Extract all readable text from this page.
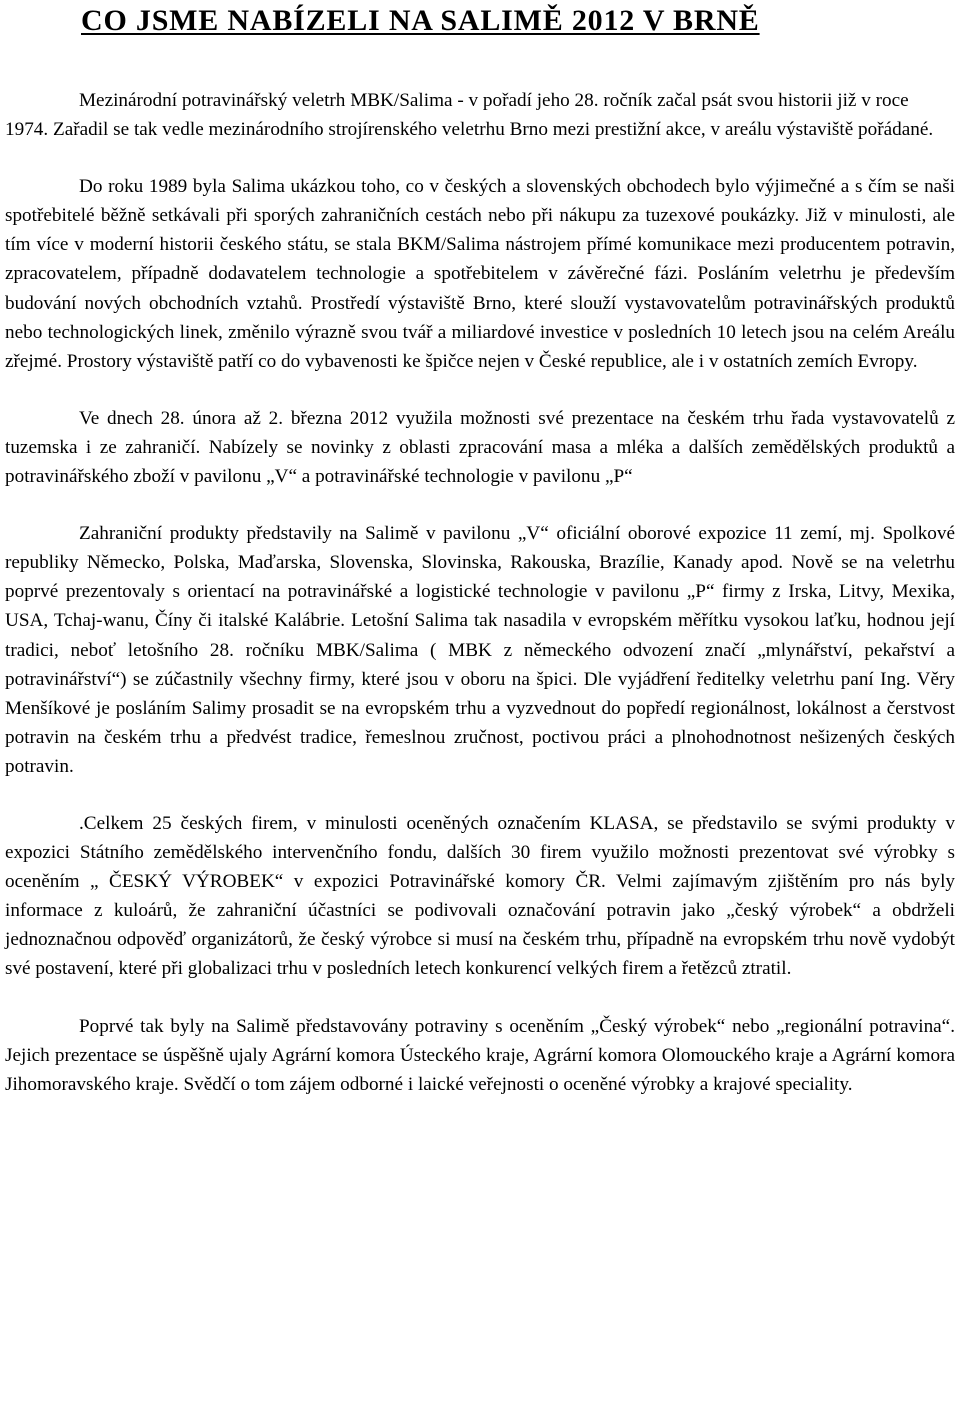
CO JSME NABÍZELI NA SALIMĚ 2012 V BRNĚ

Mezinárodní potravinářský veletrh MBK/Salima - v pořadí jeho 28. ročník začal psát svou historii již v roce 1974. Zařadil se tak vedle mezinárodního strojírenského veletrhu Brno mezi prestižní akce, v areálu výstaviště pořádané.

Do roku 1989 byla Salima ukázkou toho, co v českých a slovenských obchodech bylo výjimečné a s čím se naši spotřebitelé běžně setkávali při sporých zahraničních cestách nebo při nákupu za tuzexové poukázky. Již v minulosti, ale tím více v moderní historii českého státu, se stala BKM/Salima nástrojem přímé komunikace mezi producentem potravin, zpracovatelem, případně dodavatelem technologie a spotřebitelem v závěrečné fázi. Posláním veletrhu je především budování nových obchodních vztahů. Prostředí výstaviště Brno, které slouží vystavovatelům potravinářských produktů nebo technologických linek, změnilo výrazně svou tvář a miliardové investice v posledních 10 letech jsou na celém Areálu zřejmé. Prostory výstaviště patří co do vybavenosti ke špičce nejen v České republice, ale i v ostatních zemích Evropy.

Ve dnech 28. února až 2. března 2012 využila možnosti své prezentace na českém trhu řada vystavovatelů z tuzemska i ze zahraničí. Nabízely se novinky z oblasti zpracování masa a mléka a dalších zemědělských produktů a potravinářského zboží v pavilonu „V“ a potravinářské technologie v pavilonu „P“

Zahraniční produkty představily na Salimě v pavilonu „V“ oficiální oborové expozice 11 zemí, mj. Spolkové republiky Německo, Polska, Maďarska, Slovenska, Slovinska, Rakouska, Brazílie, Kanady apod. Nově se na veletrhu poprvé prezentovaly s orientací na potravinářské a logistické technologie v pavilonu „P“ firmy z Irska, Litvy, Mexika, USA, Tchaj-wanu, Číny či italské Kalábrie. Letošní Salima tak nasadila v evropském měřítku vysokou laťku, hodnou její tradici, neboť letošního 28. ročníku MBK/Salima ( MBK z německého odvození značí „mlynářství, pekařství a potravinářství“) se zúčastnily všechny firmy, které jsou v oboru na špici. Dle vyjádření ředitelky veletrhu paní Ing. Věry Menšíkové je posláním Salimy prosadit se na evropském trhu a vyzvednout do popředí regionálnost, lokálnost a čerstvost potravin na českém trhu a předvést tradice, řemeslnou zručnost, poctivou práci a plnohodnotnost nešizených českých potravin.

.Celkem 25 českých firem, v minulosti oceněných označením KLASA, se představilo se svými produkty v expozici Státního zemědělského intervenčního fondu, dalších 30 firem využilo možnosti prezentovat své výrobky s oceněním „ ČESKÝ VÝROBEK“ v expozici Potravinářské komory ČR. Velmi zajímavým zjištěním pro nás byly informace z kuloárů, že zahraniční účastníci se podivovali označování potravin jako „český výrobek“ a obdrželi jednoznačnou odpověď organizátorů, že český výrobce si musí na českém trhu, případně na evropském trhu nově vydobýt své postavení, které při globalizaci trhu v posledních letech konkurencí velkých firem a řetězců ztratil.

Poprvé tak byly na Salimě představovány potraviny s oceněním „Český výrobek“ nebo „regionální potravina“. Jejich prezentace se úspěšně ujaly Agrární komora Ústeckého kraje, Agrární komora Olomouckého kraje a Agrární komora Jihomoravského kraje. Svědčí o tom zájem odborné i laické veřejnosti o oceněné výrobky a krajové speciality.
